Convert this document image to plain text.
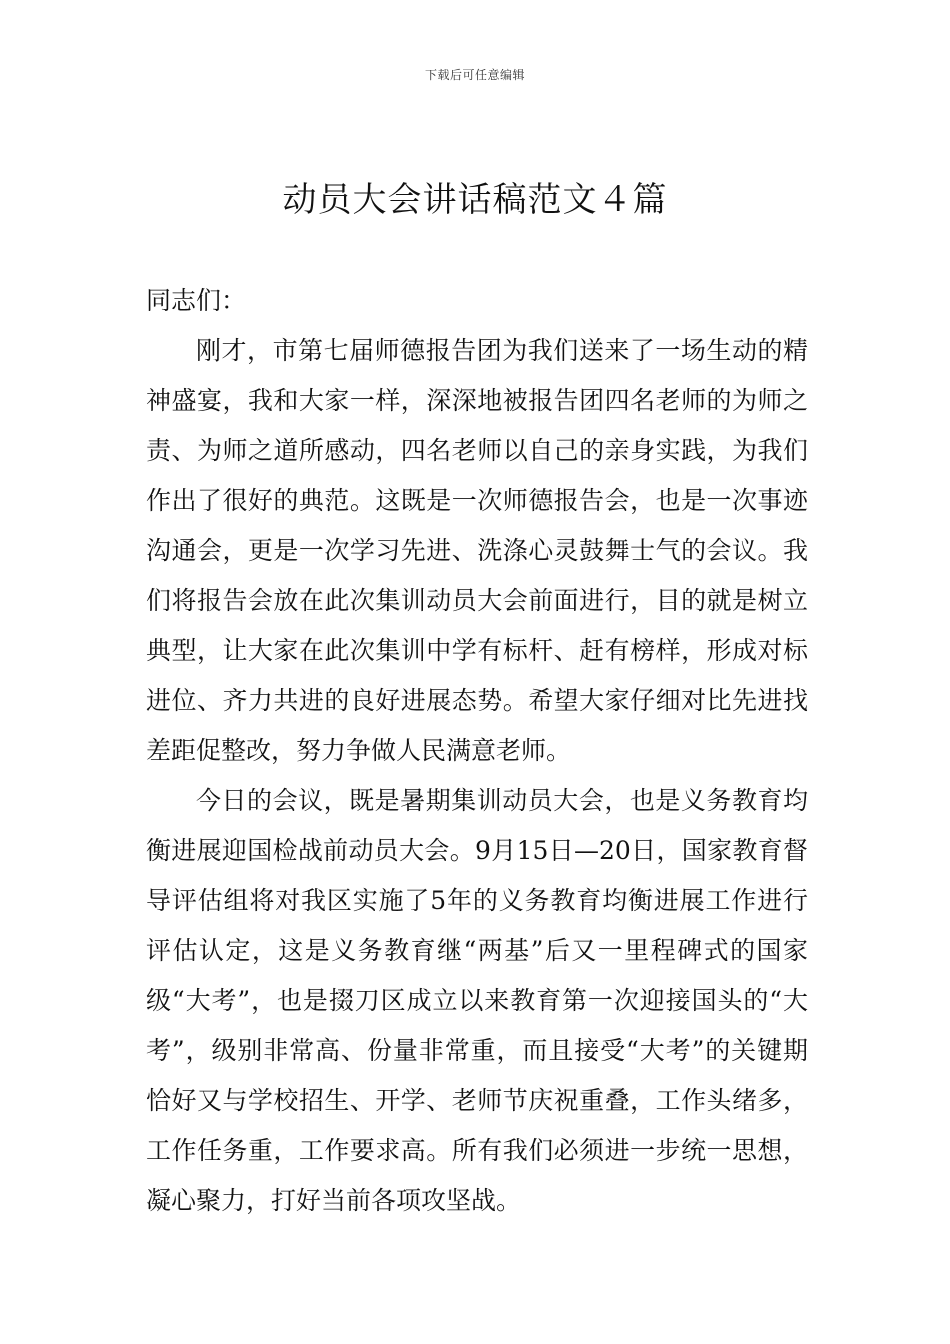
下载后可任意编辑
动员大会讲话稿范文４篇

同志们：

刚才，市第七届师德报告团为我们送来了一场生动的精神盛宴，我和大家一样，深深地被报告团四名老师的为师之责、为师之道所感动，四名老师以自己的亲身实践，为我们作出了很好的典范。这既是一次师德报告会，也是一次事迹沟通会，更是一次学习先进、洗涤心灵鼓舞士气的会议。我们将报告会放在此次集训动员大会前面进行，目的就是树立典型，让大家在此次集训中学有标杆、赶有榜样，形成对标进位、齐力共进的良好进展态势。希望大家仔细对比先进找差距促整改，努力争做人民满意老师。

今日的会议，既是暑期集训动员大会，也是义务教育均衡进展迎国检战前动员大会。9月15日—20日，国家教育督导评估组将对我区实施了5年的义务教育均衡进展工作进行评估认定，这是义务教育继“两基”后又一里程碑式的国家级“大考”，也是掇刀区成立以来教育第一次迎接国头的“大考”，级别非常高、份量非常重，而且接受“大考”的关键期恰好又与学校招生、开学、老师节庆祝重叠，工作头绪多，工作任务重，工作要求高。所有我们必须进一步统一思想，凝心聚力，打好当前各项攻坚战。
